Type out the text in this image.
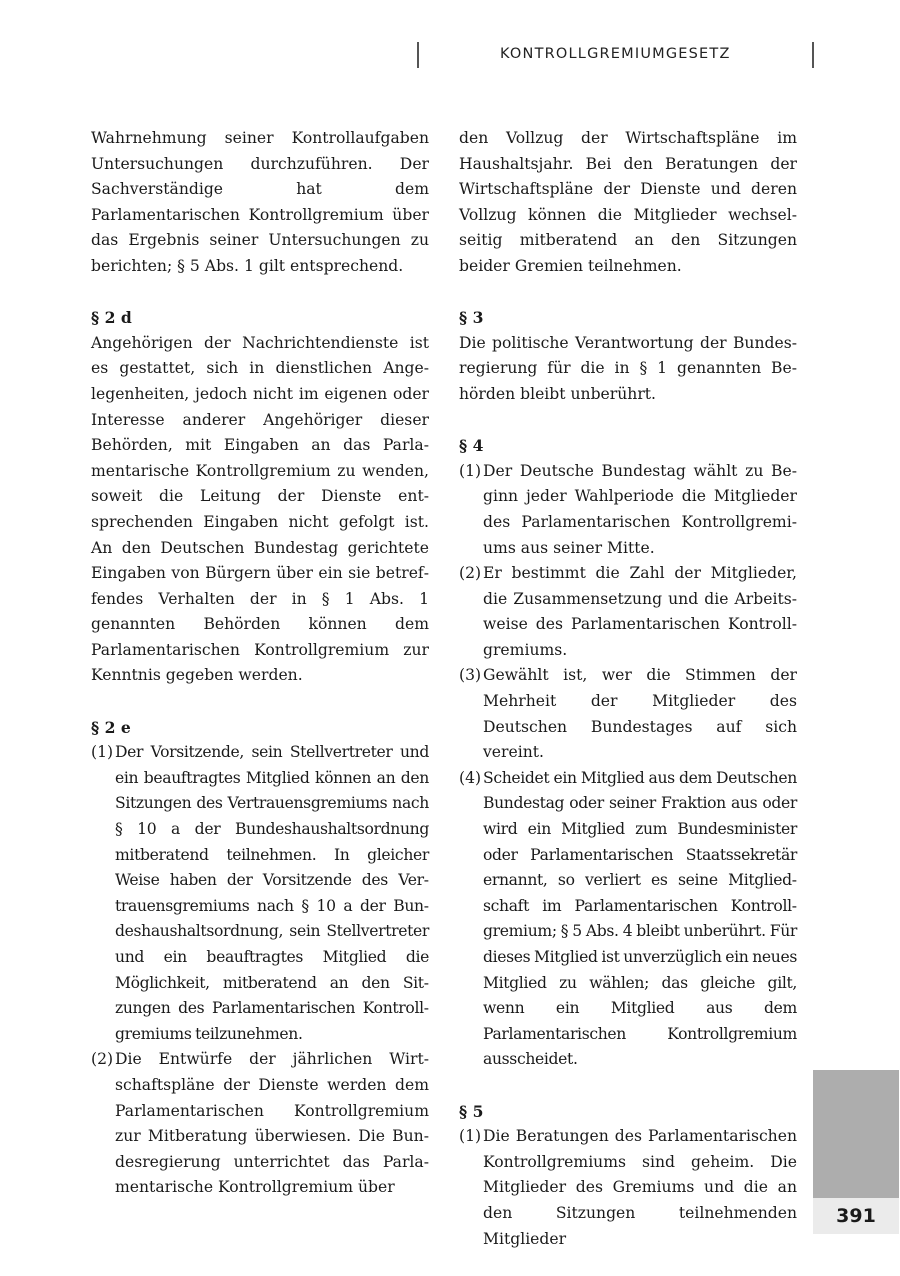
KONTROLLGREMIUMGESETZ

Wahrnehmung seiner Kontrollaufgaben Untersuchungen durchzuführen. Der Sachverständige hat dem Parlamentarischen Kontrollgremium über das Ergebnis seiner Untersuchungen zu berichten; § 5 Abs. 1 gilt entsprechend.

§ 2 d

Angehörigen der Nachrichtendienste ist es gestattet, sich in dienstlichen Angelegenheiten, jedoch nicht im eigenen oder Interesse anderer Angehöriger dieser Behörden, mit Eingaben an das Parlamentarische Kontrollgremium zu wenden, soweit die Leitung der Dienste entsprechenden Eingaben nicht gefolgt ist. An den Deutschen Bundestag gerichtete Eingaben von Bürgern über ein sie betreffendes Verhalten der in § 1 Abs. 1 genannten Behörden können dem Parlamentarischen Kontrollgremium zur Kenntnis gegeben werden.

§ 2 e

(1) Der Vorsitzende, sein Stellvertreter und ein beauftragtes Mitglied können an den Sitzungen des Vertrauensgremiums nach § 10 a der Bundeshaushaltsordnung mitberatend teilnehmen. In gleicher Weise haben der Vorsitzende des Vertrauensgremiums nach § 10 a der Bundeshaushaltsordnung, sein Stellvertreter und ein beauftragtes Mitglied die Möglichkeit, mitberatend an den Sitzungen des Parlamentarischen Kontrollgremiums teilzunehmen.
(2) Die Entwürfe der jährlichen Wirtschaftspläne der Dienste werden dem Parlamentarischen Kontrollgremium zur Mitberatung überwiesen. Die Bundesregierung unterrichtet das Parlamentarische Kontrollgremium über

den Vollzug der Wirtschaftspläne im Haushaltsjahr. Bei den Beratungen der Wirtschaftspläne der Dienste und deren Vollzug können die Mitglieder wechselseitig mitberatend an den Sitzungen beider Gremien teilnehmen.

§ 3

Die politische Verantwortung der Bundesregierung für die in § 1 genannten Behörden bleibt unberührt.

§ 4

(1) Der Deutsche Bundestag wählt zu Beginn jeder Wahlperiode die Mitglieder des Parlamentarischen Kontrollgremiums aus seiner Mitte.
(2) Er bestimmt die Zahl der Mitglieder, die Zusammensetzung und die Arbeitsweise des Parlamentarischen Kontrollgremiums.
(3) Gewählt ist, wer die Stimmen der Mehrheit der Mitglieder des Deutschen Bundestages auf sich vereint.
(4) Scheidet ein Mitglied aus dem Deutschen Bundestag oder seiner Fraktion aus oder wird ein Mitglied zum Bundesminister oder Parlamentarischen Staatssekretär ernannt, so verliert es seine Mitgliedschaft im Parlamentarischen Kontrollgremium; § 5 Abs. 4 bleibt unberührt. Für dieses Mitglied ist unverzüglich ein neues Mitglied zu wählen; das gleiche gilt, wenn ein Mitglied aus dem Parlamentarischen Kontrollgremium ausscheidet.

§ 5

(1) Die Beratungen des Parlamentarischen Kontrollgremiums sind geheim. Die Mitglieder des Gremiums und die an den Sitzungen teilnehmenden Mitglieder
391
